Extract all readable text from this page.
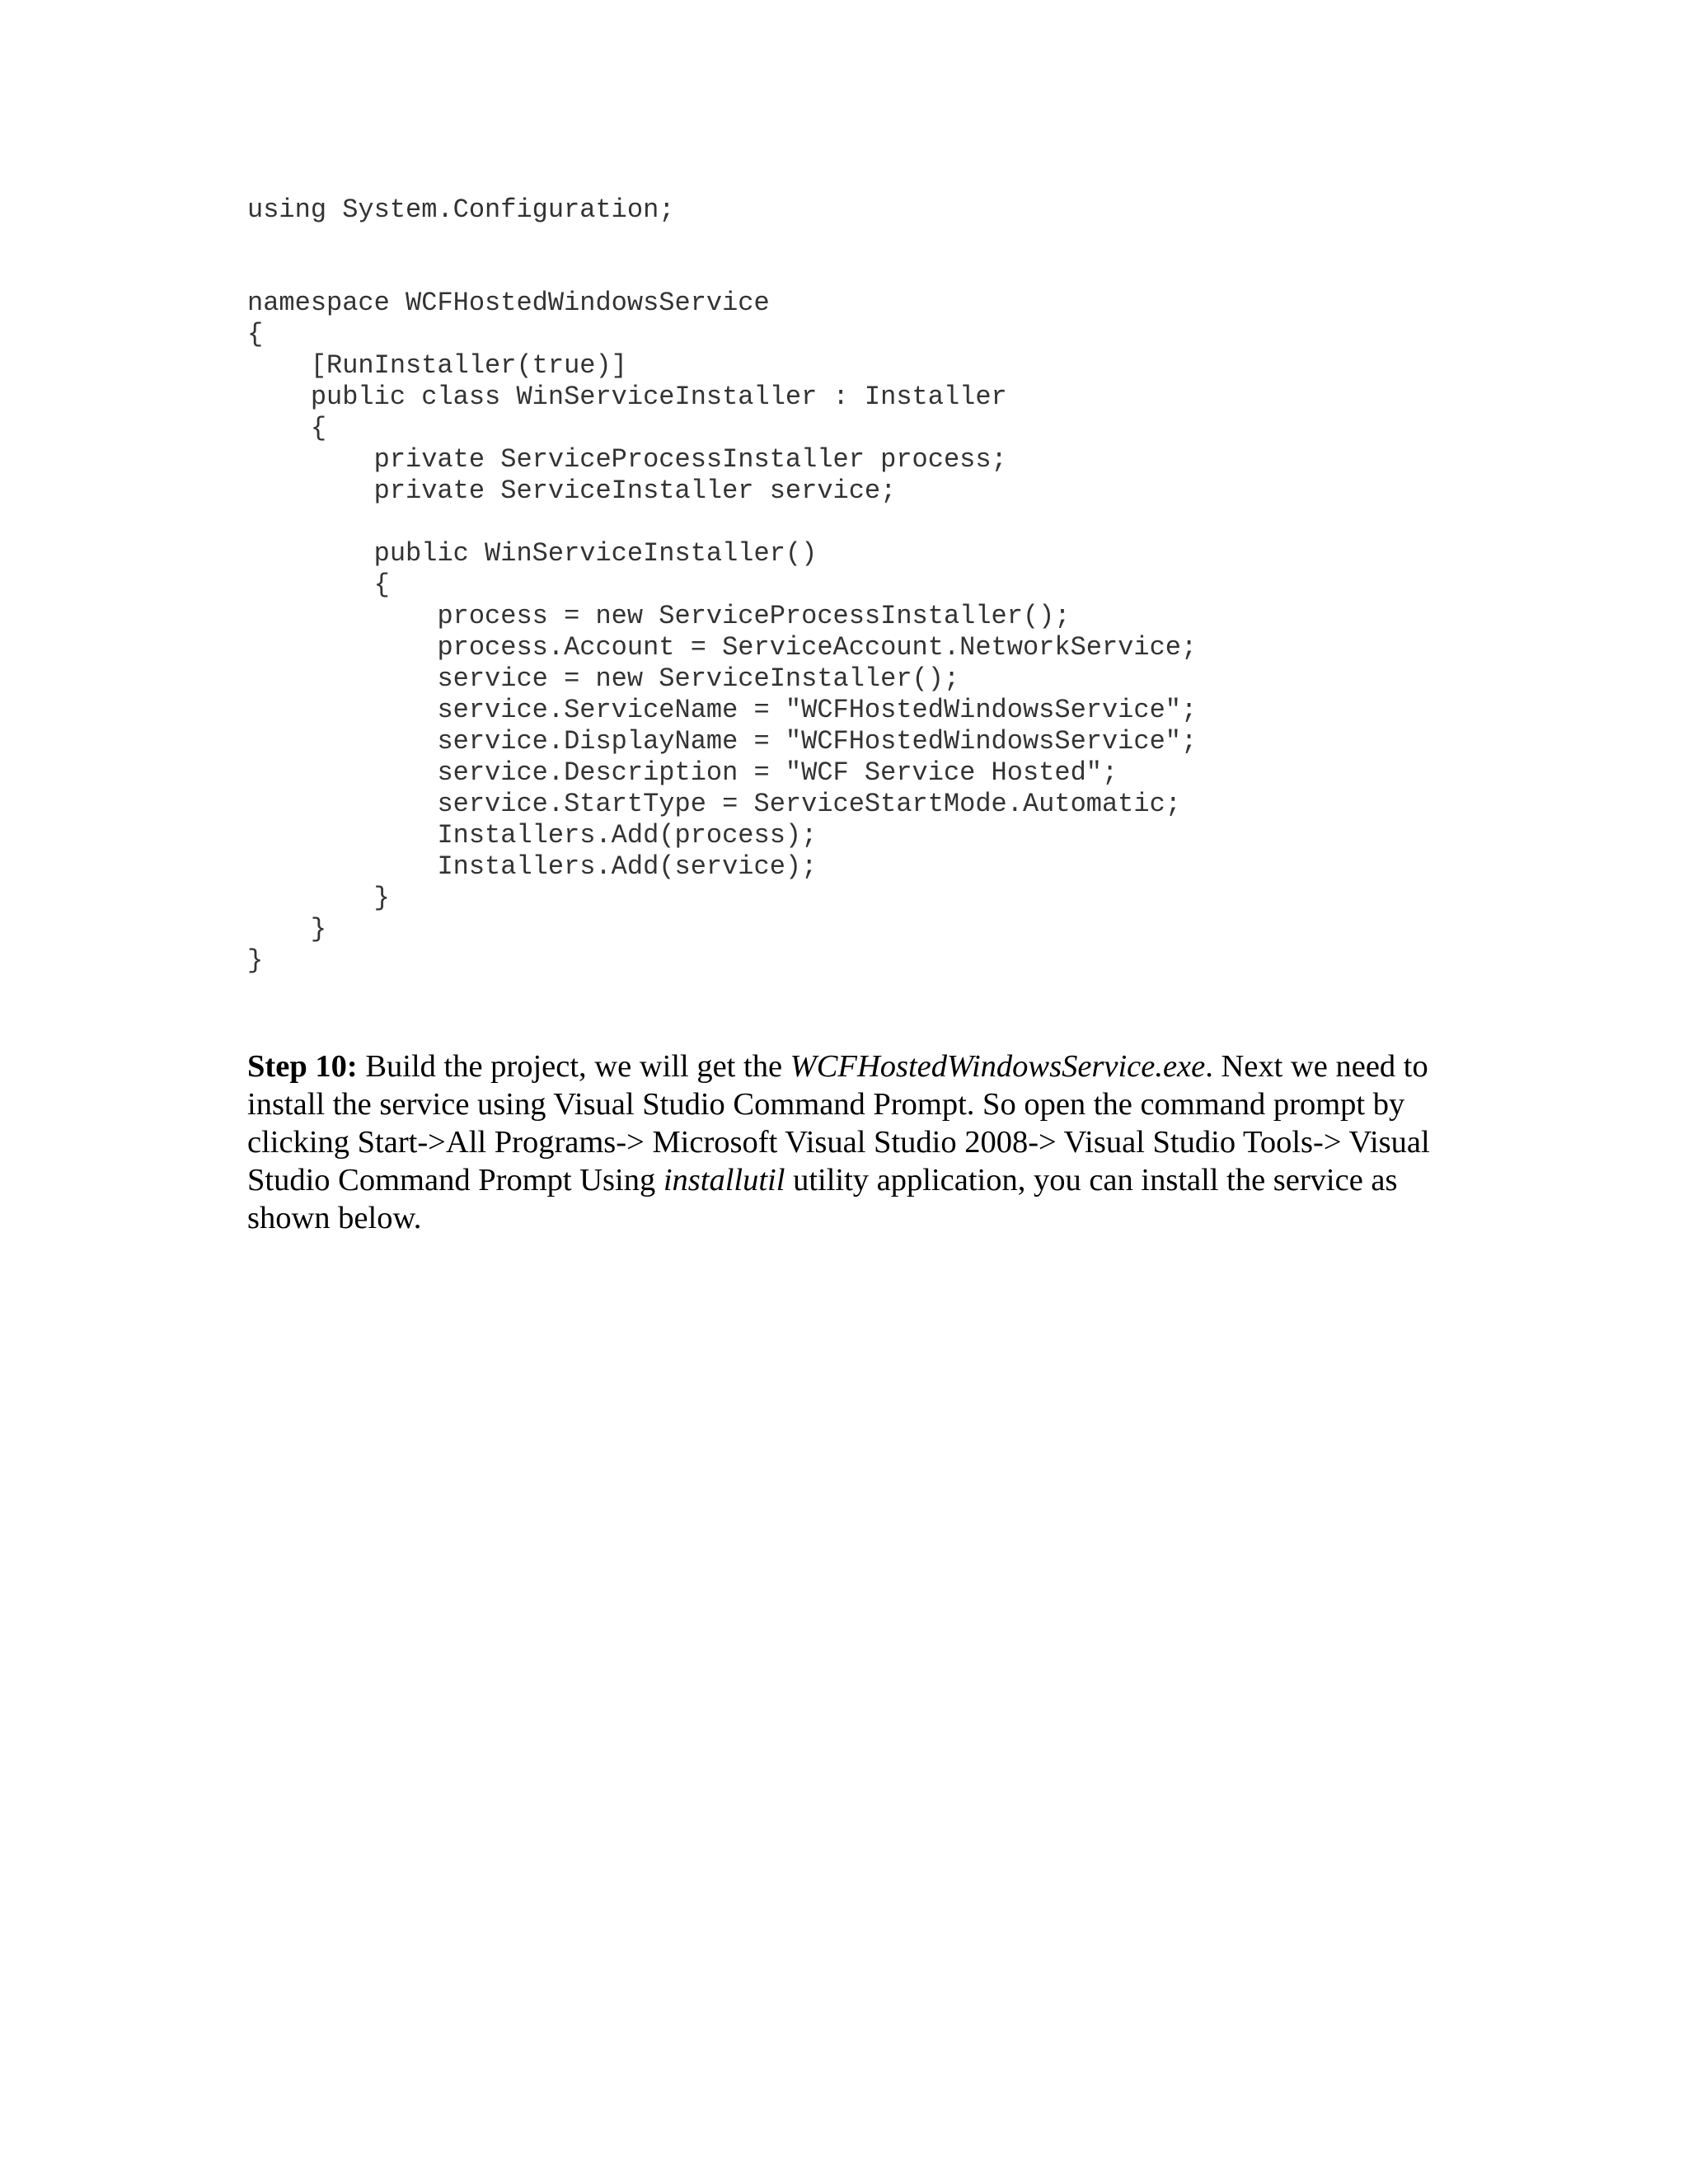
using System.Configuration;
namespace WCFHostedWindowsService
{
[RunInstaller(true)]
public class WinServiceInstaller : Installer
{
private ServiceProcessInstaller process;
private ServiceInstaller service;
public WinServiceInstaller()
{
process = new ServiceProcessInstaller();
process.Account = ServiceAccount.NetworkService;
service = new ServiceInstaller();
service.ServiceName = "WCFHostedWindowsService";
service.DisplayName = "WCFHostedWindowsService";
service.Description = "WCF Service Hosted";
service.StartType = ServiceStartMode.Automatic;
Installers.Add(process);
Installers.Add(service);
}
}
}

Step 10: Build the project, we will get the WCFHostedWindowsService.exe. Next we need to install the service using Visual Studio Command Prompt. So open the command prompt by clicking Start->All Programs-> Microsoft Visual Studio 2008-> Visual Studio Tools-> Visual Studio Command Prompt Using installutil utility application, you can install the service as shown below.
